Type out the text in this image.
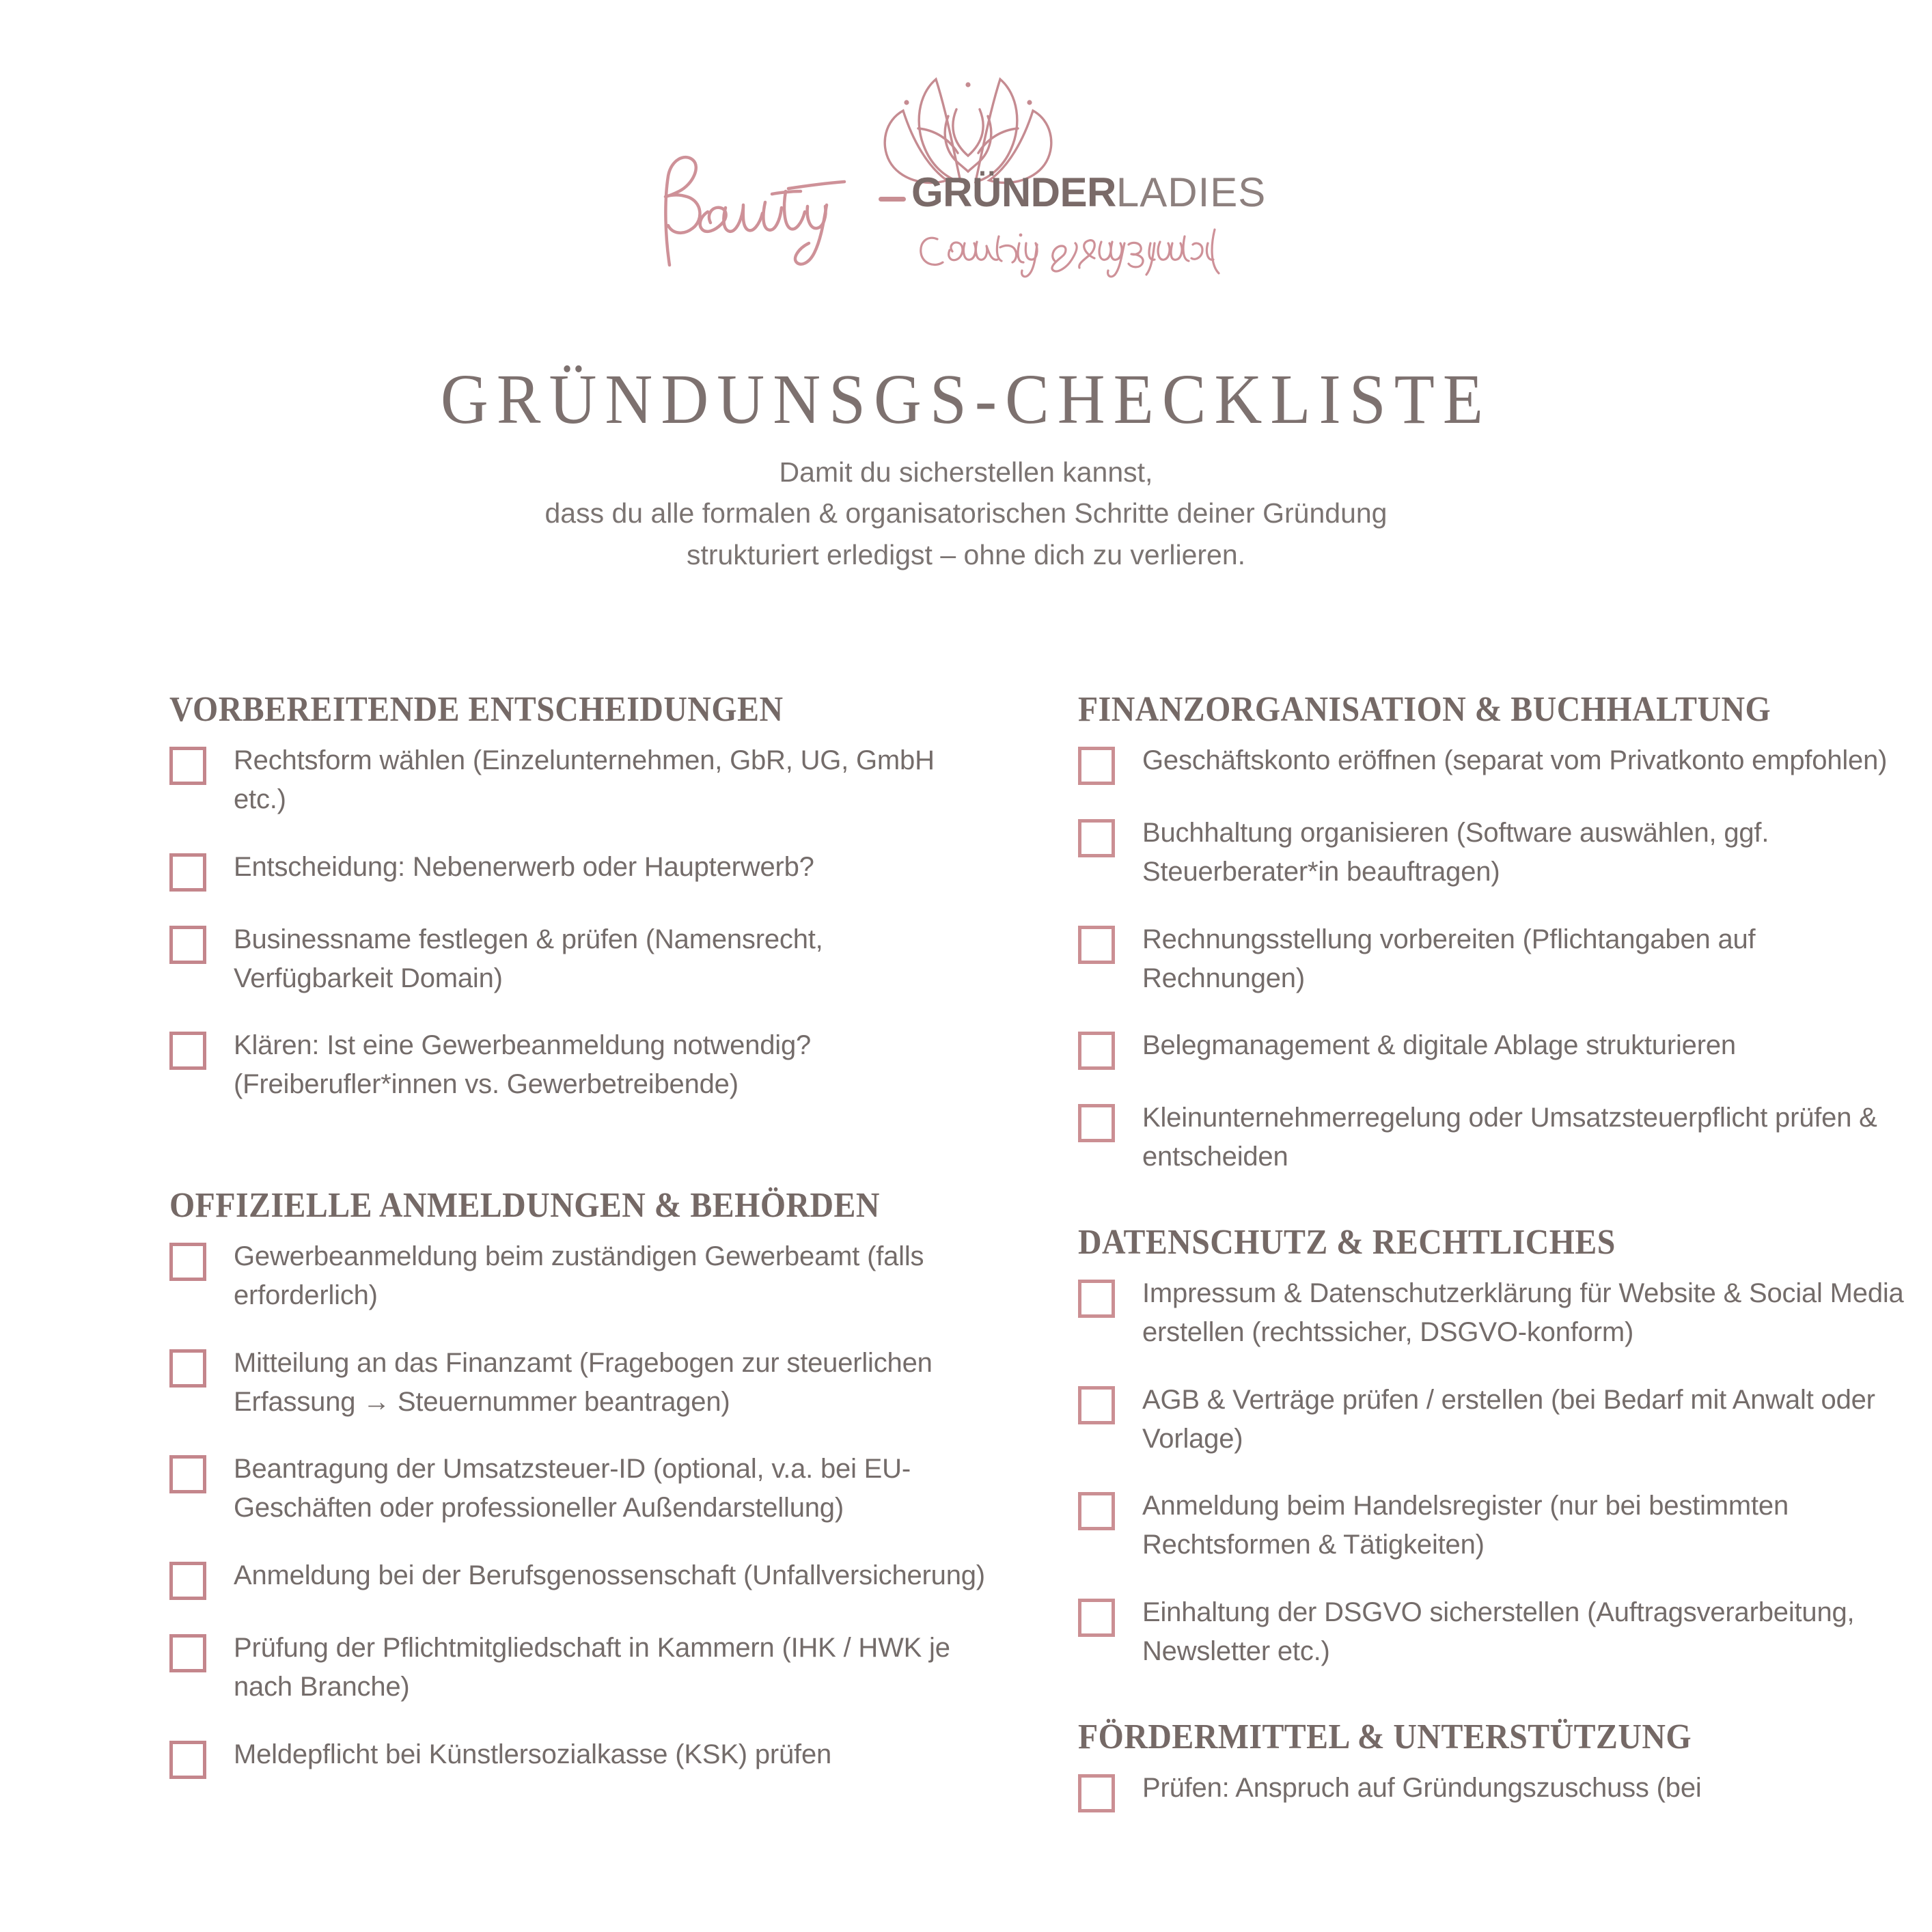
GRÜNDERLADIES
GRÜNDUNSGS-CHECKLISTE
Damit du sicherstellen kannst,
dass du alle formalen & organisatorischen Schritte deiner Gründung
strukturiert erledigst – ohne dich zu verlieren.
VORBEREITENDE ENTSCHEIDUNGEN
Rechtsform wählen (Einzelunternehmen, GbR, UG, GmbH etc.)
Entscheidung: Nebenerwerb oder Haupterwerb?
Businessname festlegen & prüfen (Namensrecht, Verfügbarkeit Domain)
Klären: Ist eine Gewerbeanmeldung notwendig? (Freiberufler*innen vs. Gewerbetreibende)
OFFIZIELLE ANMELDUNGEN & BEHÖRDEN
Gewerbeanmeldung beim zuständigen Gewerbeamt (falls erforderlich)
Mitteilung an das Finanzamt (Fragebogen zur steuerlichen Erfassung → Steuernummer beantragen)
Beantragung der Umsatzsteuer-ID (optional, v.a. bei EU-Geschäften oder professioneller Außendarstellung)
Anmeldung bei der Berufsgenossenschaft (Unfallversicherung)
Prüfung der Pflichtmitgliedschaft in Kammern (IHK / HWK je nach Branche)
Meldepflicht bei Künstlersozialkasse (KSK) prüfen
FINANZORGANISATION & BUCHHALTUNG
Geschäftskonto eröffnen (separat vom Privatkonto empfohlen)
Buchhaltung organisieren (Software auswählen, ggf. Steuerberater*in beauftragen)
Rechnungsstellung vorbereiten (Pflichtangaben auf Rechnungen)
Belegmanagement & digitale Ablage strukturieren
Kleinunternehmerregelung oder Umsatzsteuerpflicht prüfen & entscheiden
DATENSCHUTZ & RECHTLICHES
Impressum & Datenschutzerklärung für Website & Social Media erstellen (rechtssicher, DSGVO-konform)
AGB & Verträge prüfen / erstellen (bei Bedarf mit Anwalt oder Vorlage)
Anmeldung beim Handelsregister (nur bei bestimmten Rechtsformen & Tätigkeiten)
Einhaltung der DSGVO sicherstellen (Auftragsverarbeitung, Newsletter etc.)
FÖRDERMITTEL & UNTERSTÜTZUNG
Prüfen: Anspruch auf Gründungszuschuss (bei
